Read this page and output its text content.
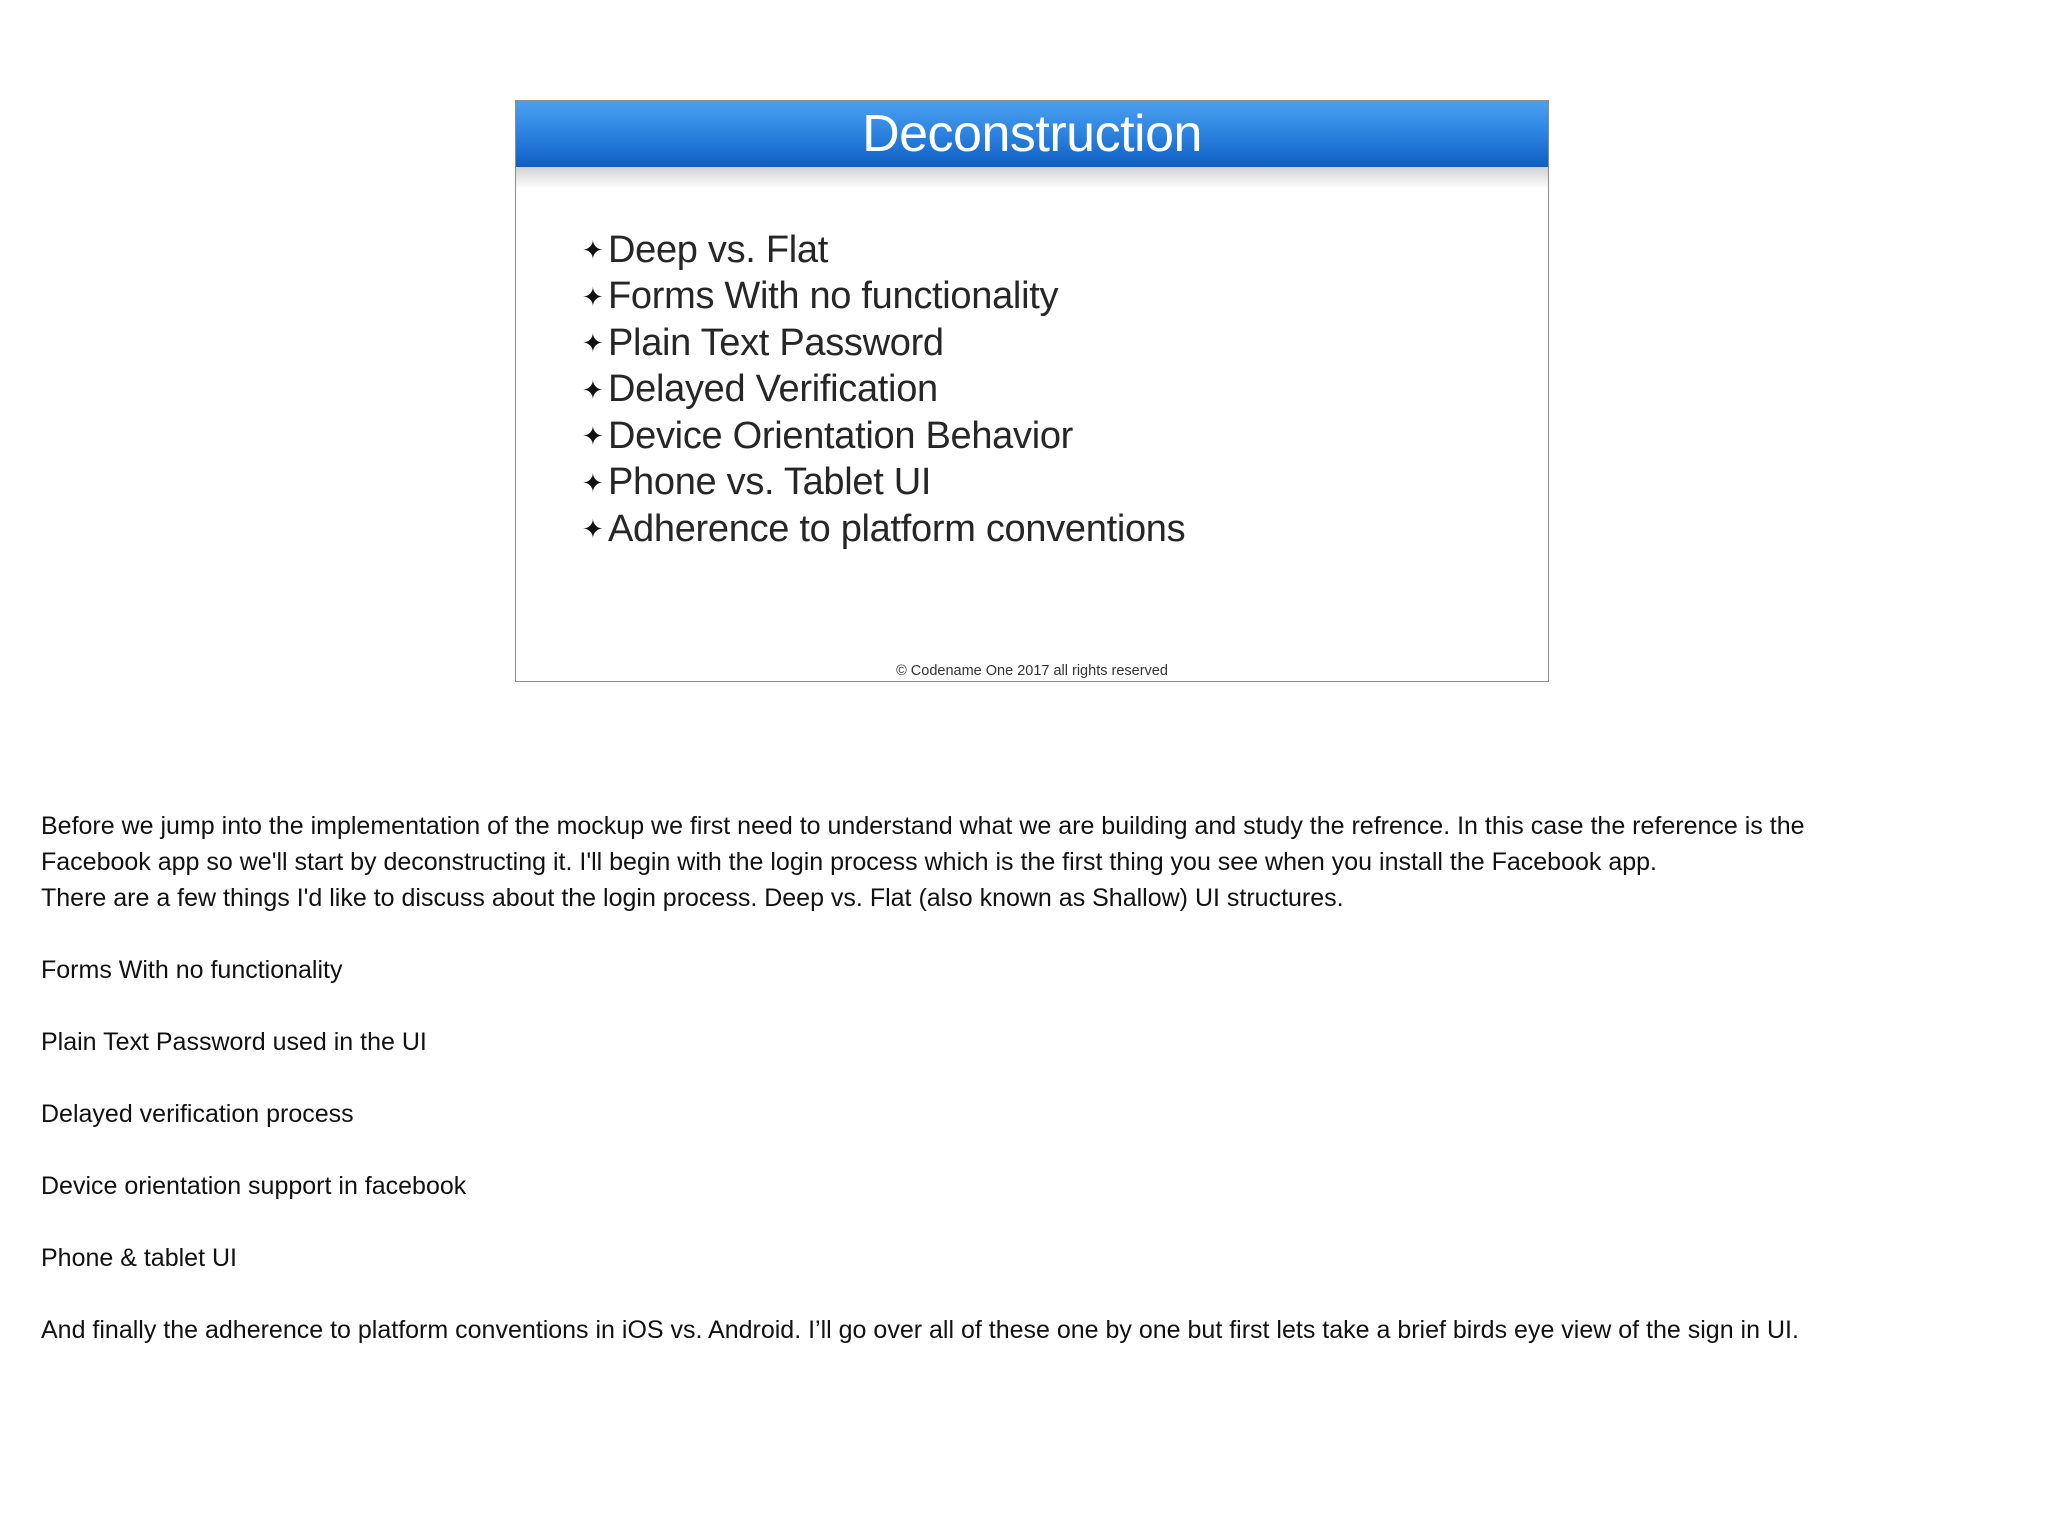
Deconstruction
✦ Deep vs. Flat
✦ Forms With no functionality
✦ Plain Text Password
✦ Delayed Verification
✦ Device Orientation Behavior
✦ Phone vs. Tablet UI
✦ Adherence to platform conventions
© Codename One 2017 all rights reserved

Before we jump into the implementation of the mockup we first need to understand what we are building and study the refrence. In this case the reference is the

Facebook app so we'll start by deconstructing it. I'll begin with the login process which is the first thing you see when you install the Facebook app.

There are a few things I'd like to discuss about the login process. Deep vs. Flat (also known as Shallow) UI structures.

Forms With no functionality

Plain Text Password used in the UI

Delayed verification process

Device orientation support in facebook

Phone & tablet UI

And finally the adherence to platform conventions in iOS vs. Android. I’ll go over all of these one by one but first lets take a brief birds eye view of the sign in UI.
